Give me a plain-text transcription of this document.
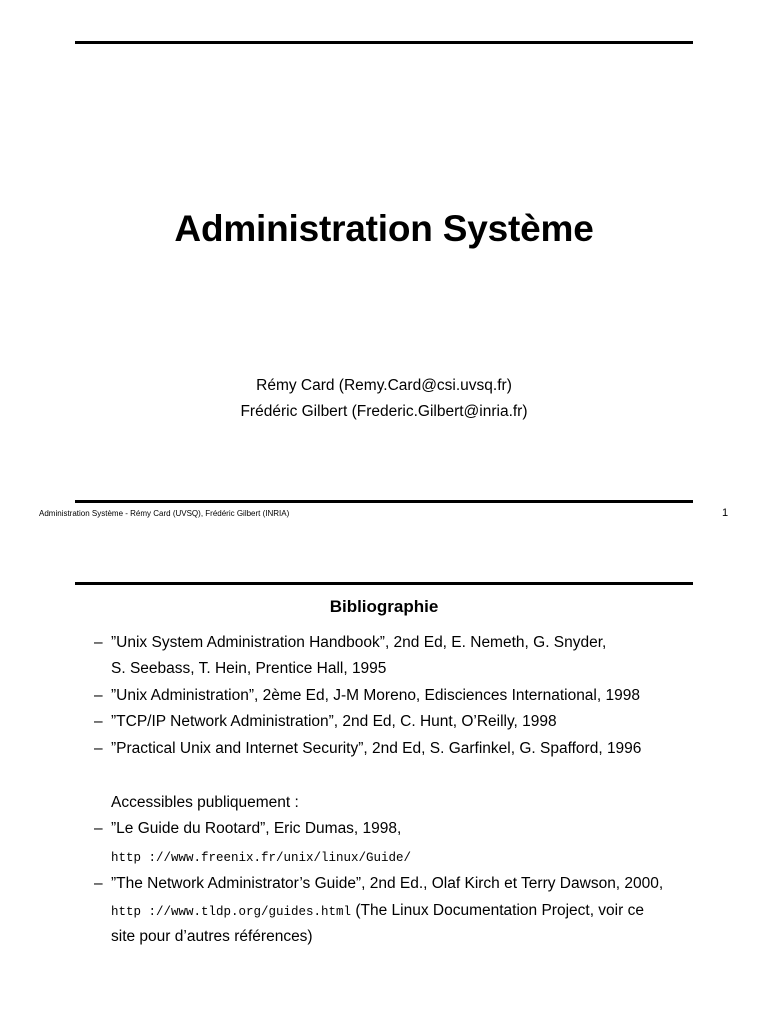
Administration Système
Rémy Card (Remy.Card@csi.uvsq.fr)
Frédéric Gilbert (Frederic.Gilbert@inria.fr)
Administration Système - Rémy Card (UVSQ), Frédéric Gilbert (INRIA)	1
Bibliographie
– ”Unix System Administration Handbook”, 2nd Ed, E. Nemeth, G. Snyder,
S. Seebass, T. Hein, Prentice Hall, 1995
– ”Unix Administration”, 2ème Ed, J-M Moreno, Edisciences International, 1998
– ”TCP/IP Network Administration”, 2nd Ed, C. Hunt, O’Reilly, 1998
– ”Practical Unix and Internet Security”, 2nd Ed, S. Garfinkel, G. Spafford, 1996
Accessibles publiquement :
– ”Le Guide du Rootard”, Eric Dumas, 1998,
http ://www.freenix.fr/unix/linux/Guide/
– ”The Network Administrator’s Guide”, 2nd Ed., Olaf Kirch et Terry Dawson, 2000,
http ://www.tldp.org/guides.html (The Linux Documentation Project, voir ce
site pour d’autres références)
